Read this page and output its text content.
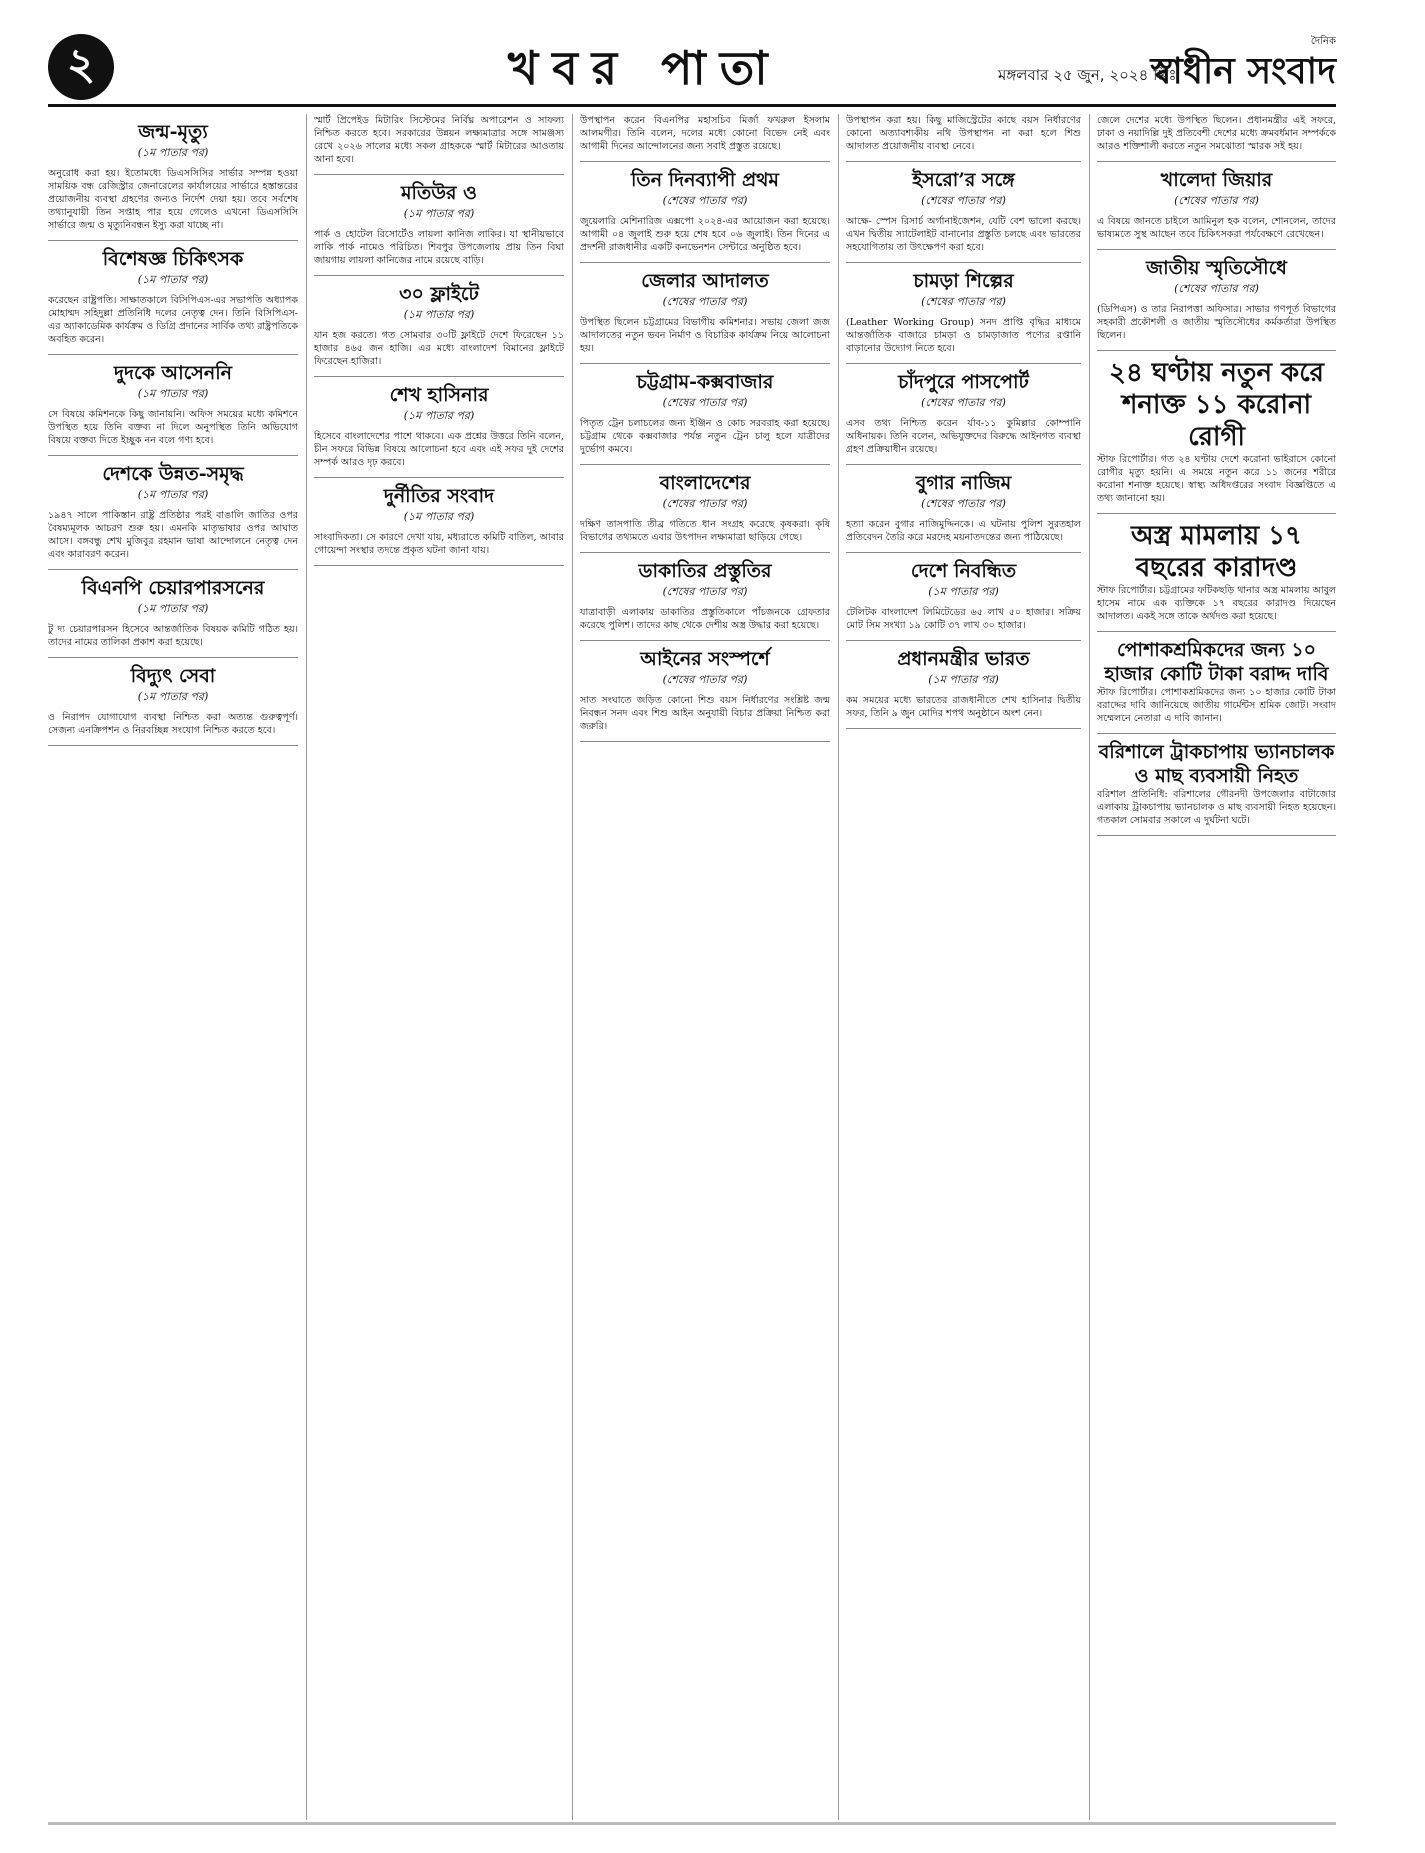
২	খবর পাতা	মঙ্গলবার ২৫ জুন, ২০২৪ খ্রিঃ
দৈনিক
স্বাধীন সংবাদ
জন্ম-মৃত্যু
(১ম পাতার পর)

অনুরোধ করা হয়। ইতোমধ্যে ডিএসসিসির সার্ভার সম্পন্ন হওয়া সাময়িক বন্ধ রেজিস্ট্রার জেনারেলের কার্যালয়ের সার্ভারে হস্তান্তরের প্রয়োজনীয় ব্যবস্থা গ্রহণের জন্যও নির্দেশ দেয়া হয়। তবে সর্বশেষ তথ্যানুযায়ী তিন সপ্তাহ পার হয়ে গেলেও এখনো ডিএসসিসি সার্ভারে জন্ম ও মৃত্যুনিবন্ধন ইস্যু করা যাচ্ছে না।

বিশেষজ্ঞ চিকিৎসক
(১ম পাতার পর)

করেছেন রাষ্ট্রপতি। সাক্ষাতকালে বিসিপিএস-এর সভাপতি অধ্যাপক মোহাম্মদ সহিদুল্লা প্রতিনিধি দলের নেতৃত্ব দেন। তিনি বিসিপিএস-এর অ্যাকাডেমিক কার্যক্রম ও ডিগ্রি প্রদানের সার্বিক তথ্য রাষ্ট্রপতিকে অবহিত করেন।

দুদকে আসেননি
(১ম পাতার পর)

সে বিষয়ে কমিশনকে কিছু জানায়নি। অফিস সময়ের মধ্যে কমিশনে উপস্থিত হয়ে তিনি বক্তব্য না দিলে অনুপস্থিত তিনি অভিযোগ বিষয়ে বক্তব্য দিতে ইচ্ছুক নন বলে গণ্য হবে।

দেশকে উন্নত-সমৃদ্ধ
(১ম পাতার পর)

১৯৪৭ সালে পাকিস্তান রাষ্ট্র প্রতিষ্ঠার পরই বাঙালি জাতির ওপর বৈষম্যমূলক আচরণ শুরু হয়। এমনকি মাতৃভাষার ওপর আঘাত আসে। বঙ্গবন্ধু শেখ মুজিবুর রহমান ভাষা আন্দোলনে নেতৃত্ব দেন এবং কারাবরণ করেন।

বিএনপি চেয়ারপারসনের
(১ম পাতার পর)

টু দ্য চেয়ারপারসন হিসেবে আন্তর্জাতিক বিষয়ক কমিটি গঠিত হয়। তাদের নামের তালিকা প্রকাশ করা হয়েছে।

বিদ্যুৎ সেবা
(১ম পাতার পর)

ও নিরাপদ যোগাযোগ ব্যবস্থা নিশ্চিত করা অত্যন্ত গুরুত্বপূর্ণ। সেজন্য এনক্রিপশন ও নিরবচ্ছিন্ন সংযোগ নিশ্চিত করতে হবে।

স্মার্ট প্রিপেইড মিটারিং সিস্টেমের নির্বিঘ্ন অপারেশন ও সাফল্য নিশ্চিত করতে হবে। সরকারের উন্নয়ন লক্ষ্যমাত্রার সঙ্গে সামঞ্জস্য রেখে ২০২৬ সালের মধ্যে সকল গ্রাহককে স্মার্ট মিটারের আওতায় আনা হবে।

মতিউর ও
(১ম পাতার পর)

পার্ক ও হোটেল রিসোর্টেও লায়লা কানিজ লাকির। যা স্থানীয়ভাবে লাকি পার্ক নামেও পরিচিত। শিবপুর উপজেলায় প্রায় তিন বিঘা জায়গায় লায়লা কানিজের নামে রয়েছে বাড়ি।

৩০ ফ্লাইটে
(১ম পাতার পর)

যান হজ করতে। গত সোমবার ৩০টি ফ্লাইটে দেশে ফিরেছেন ১১ হাজার ৪৬৫ জন হাজি। এর মধ্যে বাংলাদেশ বিমানের ফ্লাইটে ফিরেছেন হাজিরা।

শেখ হাসিনার
(১ম পাতার পর)

হিসেবে বাংলাদেশের পাশে থাকবে। এক প্রশ্নের উত্তরে তিনি বলেন, চীন সফরে বিভিন্ন বিষয়ে আলোচনা হবে এবং এই সফর দুই দেশের সম্পর্ক আরও দৃঢ় করবে।

দুর্নীতির সংবাদ
(১ম পাতার পর)

সাংবাদিকতা। সে কারণে দেখা যায়, মধ্যরাতে কমিটি বাতিল, আবার গোয়েন্দা সংস্থার তদন্তে প্রকৃত ঘটনা জানা যায়।

উপস্থাপন করেন বিএনপির মহাসচিব মির্জা ফখরুল ইসলাম আলমগীর। তিনি বলেন, দলের মধ্যে কোনো বিভেদ নেই এবং আগামী দিনের আন্দোলনের জন্য সবাই প্রস্তুত রয়েছে।

তিন দিনব্যাপী প্রথম
(শেষের পাতার পর)

জুয়েলারি মেশিনারিজ এক্সপো ২০২৪-এর আয়োজন করা হয়েছে। আগামী ০৪ জুলাই শুরু হয়ে শেষ হবে ০৬ জুলাই। তিন দিনের এ প্রদর্শনী রাজধানীর একটি কনভেনশন সেন্টারে অনুষ্ঠিত হবে।

জেলার আদালত
(শেষের পাতার পর)

উপস্থিত ছিলেন চট্টগ্রামের বিভাগীয় কমিশনার। সভায় জেলা জজ আদালতের নতুন ভবন নির্মাণ ও বিচারিক কার্যক্রম নিয়ে আলোচনা হয়।

চট্টগ্রাম-কক্সবাজার
(শেষের পাতার পর)

পিতৃত ট্রেন চলাচলের জন্য ইঞ্জিন ও কোচ সরবরাহ করা হয়েছে। চট্টগ্রাম থেকে কক্সবাজার পর্যন্ত নতুন ট্রেন চালু হলে যাত্রীদের দুর্ভোগ কমবে।

বাংলাদেশের
(শেষের পাতার পর)

দক্ষিণ তাসপাতি তীব্র গতিতে ধান সংগ্রহ করেছে কৃষকরা। কৃষি বিভাগের তথ্যমতে এবার উৎপাদন লক্ষ্যমাত্রা ছাড়িয়ে গেছে।

ডাকাতির প্রস্তুতির
(শেষের পাতার পর)

যাত্রাবাড়ী এলাকায় ডাকাতির প্রস্তুতিকালে পাঁচজনকে গ্রেফতার করেছে পুলিশ। তাদের কাছ থেকে দেশীয় অস্ত্র উদ্ধার করা হয়েছে।

আইনের সংস্পর্শে
(শেষের পাতার পর)

সাত সংঘাতে জড়িত কোনো শিশু বয়স নির্ধারণের সংশ্লিষ্ট জন্ম নিবন্ধন সনদ এবং শিশু আইন অনুযায়ী বিচার প্রক্রিয়া নিশ্চিত করা জরুরি।

উপস্থাপন করা হয়। কিছু মাজিস্ট্রেটের কাছে বয়স নির্ধারণের কোনো অত্যাবশ্যকীয় নথি উপস্থাপন না করা হলে শিশু আদালত প্রয়োজনীয় ব্যবস্থা নেবে।

ইসরো’র সঙ্গে
(শেষের পাতার পর)

আক্ষে- স্পেস রিসার্চ অর্গানাইজেশন, যেটি বেশ ভালো করছে। এখন দ্বিতীয় স্যাটেলাইট বানানোর প্রস্তুতি চলছে এবং ভারতের সহযোগিতায় তা উৎক্ষেপণ করা হবে।

চামড়া শিল্পের
(শেষের পাতার পর)

(Leather Working Group) সনদ প্রাপ্তি বৃদ্ধির মাধ্যমে আন্তর্জাতিক বাজারে চামড়া ও চামড়াজাত পণ্যের রপ্তানি বাড়ানোর উদ্যোগ নিতে হবে।

চাঁদপুরে পাসপোর্ট
(শেষের পাতার পর)

এসব তথ্য নিশ্চিত করেন র্যাব-১১ কুমিল্লার কোম্পানি অধিনায়ক। তিনি বলেন, অভিযুক্তদের বিরুদ্ধে আইনগত ব্যবস্থা গ্রহণ প্রক্রিয়াধীন রয়েছে।

বুগার নাজিম
(শেষের পাতার পর)

হত্যা করেন বুগার নাজিমুদ্দিনকে। এ ঘটনায় পুলিশ সুরতহাল প্রতিবেদন তৈরি করে মরদেহ ময়নাতদন্তের জন্য পাঠিয়েছে।

দেশে নিবন্ধিত
(১ম পাতার পর)

টেলিটক বাংলাদেশ লিমিটেডের ৬৫ লাখ ৫০ হাজার। সক্রিয় মোট সিম সংখ্যা ১৯ কোটি ৩৭ লাখ ৩০ হাজার।

প্রধানমন্ত্রীর ভারত
(১ম পাতার পর)

কম সময়ের মধ্যে ভারতের রাজধানীতে শেখ হাসিনার দ্বিতীয় সফর, তিনি ৯ জুন মোদির শপথ অনুষ্ঠানে অংশ নেন।

জেলে দেশের মধ্যে উপস্থিত ছিলেন। প্রধানমন্ত্রীর এই সফরে, ঢাকা ও নয়াদিল্লি দুই প্রতিবেশী দেশের মধ্যে ক্রমবর্ধমান সম্পর্ককে আরও শক্তিশালী করতে নতুন সমঝোতা স্মারক সই হয়।

খালেদা জিয়ার
(শেষের পাতার পর)

এ বিষয়ে জানতে চাইলে আমিনুল হক বলেন, শোনলেন, তাদের ভাষ্যমতে সুস্থ আছেন তবে চিকিৎসকরা পর্যবেক্ষণে রেখেছেন।

জাতীয় স্মৃতিসৌধে
(শেষের পাতার পর)

(ডিপিএস) ও তার নিরাপত্তা অফিসার। সাভার গণপূর্ত বিভাগের সহকারী প্রকৌশলী ও জাতীয় স্মৃতিসৌধের কর্মকর্তারা উপস্থিত ছিলেন।

২৪ ঘণ্টায় নতুন করে শনাক্ত ১১ করোনা রোগী

স্টাফ রিপোর্টার। গত ২৪ ঘণ্টায় দেশে করোনা ভাইরাসে কোনো রোগীর মৃত্যু হয়নি। এ সময়ে নতুন করে ১১ জনের শরীরে করোনা শনাক্ত হয়েছে। স্বাস্থ্য অধিদপ্তরের সংবাদ বিজ্ঞপ্তিতে এ তথ্য জানানো হয়।

অস্ত্র মামলায় ১৭ বছরের কারাদণ্ড

স্টাফ রিপোর্টার। চট্টগ্রামের ফটিকছড়ি থানার অস্ত্র মামলায় আবুল হাসেম নামে এক ব্যক্তিকে ১৭ বছরের কারাদণ্ড দিয়েছেন আদালত। একই সঙ্গে তাকে অর্থদণ্ড করা হয়েছে।

পোশাকশ্রমিকদের জন্য ১০ হাজার কোটি টাকা বরাদ্দ দাবি

স্টাফ রিপোর্টার। পোশাকশ্রমিকদের জন্য ১০ হাজার কোটি টাকা বরাদ্দের দাবি জানিয়েছে জাতীয় গার্মেন্টস শ্রমিক জোট। সংবাদ সম্মেলনে নেতারা এ দাবি জানান।

বরিশালে ট্রাকচাপায় ভ্যানচালক ও মাছ ব্যবসায়ী নিহত

বরিশাল প্রতিনিধি: বরিশালের গৌরনদী উপজেলার বাটাজোর এলাকায় ট্রাকচাপায় ভ্যানচালক ও মাছ ব্যবসায়ী নিহত হয়েছেন। গতকাল সোমবার সকালে এ দুর্ঘটনা ঘটে।
